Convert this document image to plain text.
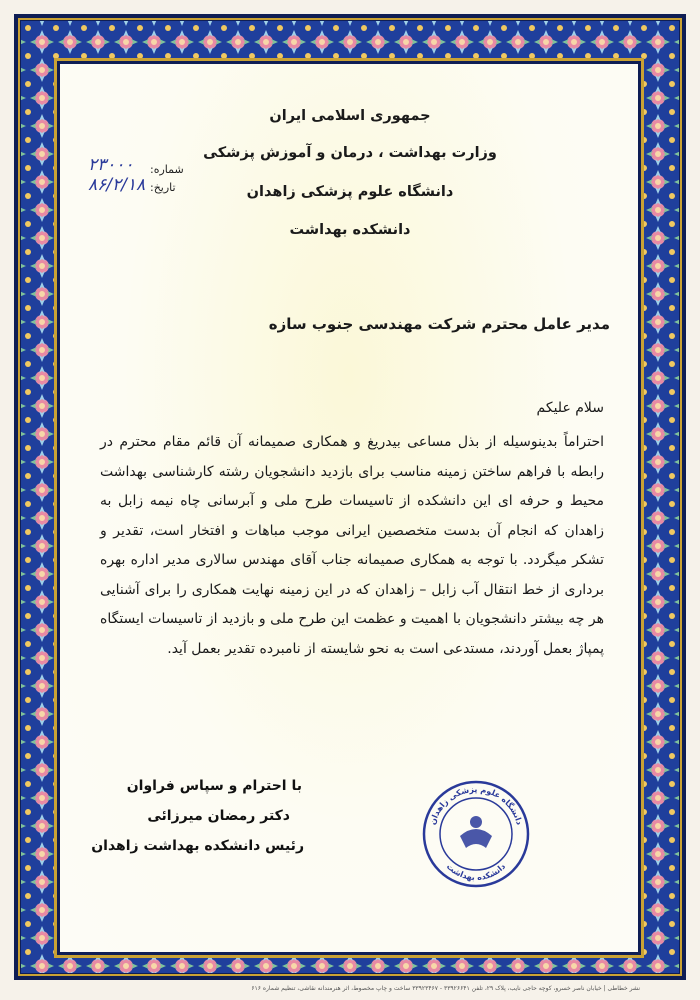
جمهوری اسلامی ایران
وزارت بهداشت ، درمان و آموزش پزشکی
دانشگاه علوم پزشکی زاهدان
دانشکده بهداشت
شماره:
۲۳۰۰۰
تاریخ:
۸۶/۲/۱۸
مدیر عامل محترم شرکت مهندسی جنوب سازه
سلام علیکم

احتراماً بدینوسیله از بذل مساعی بیدریغ و همکاری صمیمانه آن قائم مقام محترم در رابطه با فراهم ساختن زمینه مناسب برای بازدید دانشجویان رشته کارشناسی بهداشت محیط و حرفه ای این دانشکده از تاسیسات طرح ملی و آبرسانی چاه نیمه زابل به زاهدان که انجام آن بدست متخصصین ایرانی موجب مباهات و افتخار است، تقدیر و تشکر میگردد. با توجه به همکاری صمیمانه جناب آقای مهندس سالاری مدیر اداره بهره برداری از خط انتقال آب زابل – زاهدان که در این زمینه نهایت همکاری را برای آشنایی هر چه بیشتر دانشجویان با اهمیت و عظمت این طرح ملی و بازدید از تاسیسات ایستگاه پمپاژ بعمل آوردند، مستدعی است به نحو شایسته از نامبرده تقدیر بعمل آید.

با احترام و سپاس فراوان
دکتر رمضان میرزائی
رئیس دانشکده بهداشت زاهدان
دانشگاه علوم پزشکی زاهدان
دانشکده بهداشت
نشر خطاطی | خیابان ناصر خسرو، کوچه حاجی نایب، پلاک ۲۹، تلفن ۳۳۹۲۶۶۴۱ - ۳۳۹۲۳۴۶۷ ساخت و چاپ مخصوط، اثر هنرمندانه نقاشی، تنظیم شماره ۶۱۶
